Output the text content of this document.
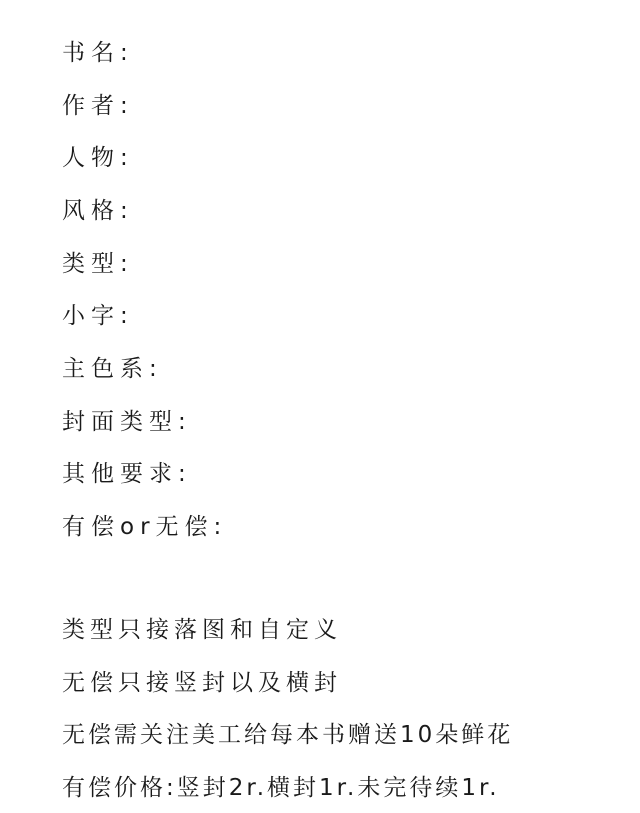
书名:
作者:
人物:
风格:
类型:
小字:
主色系:
封面类型:
其他要求:
有偿or无偿:
类型只接落图和自定义
无偿只接竖封以及横封
无偿需关注美工给每本书赠送10朵鲜花
有偿价格:竖封2r.横封1r.未完待续1r.
